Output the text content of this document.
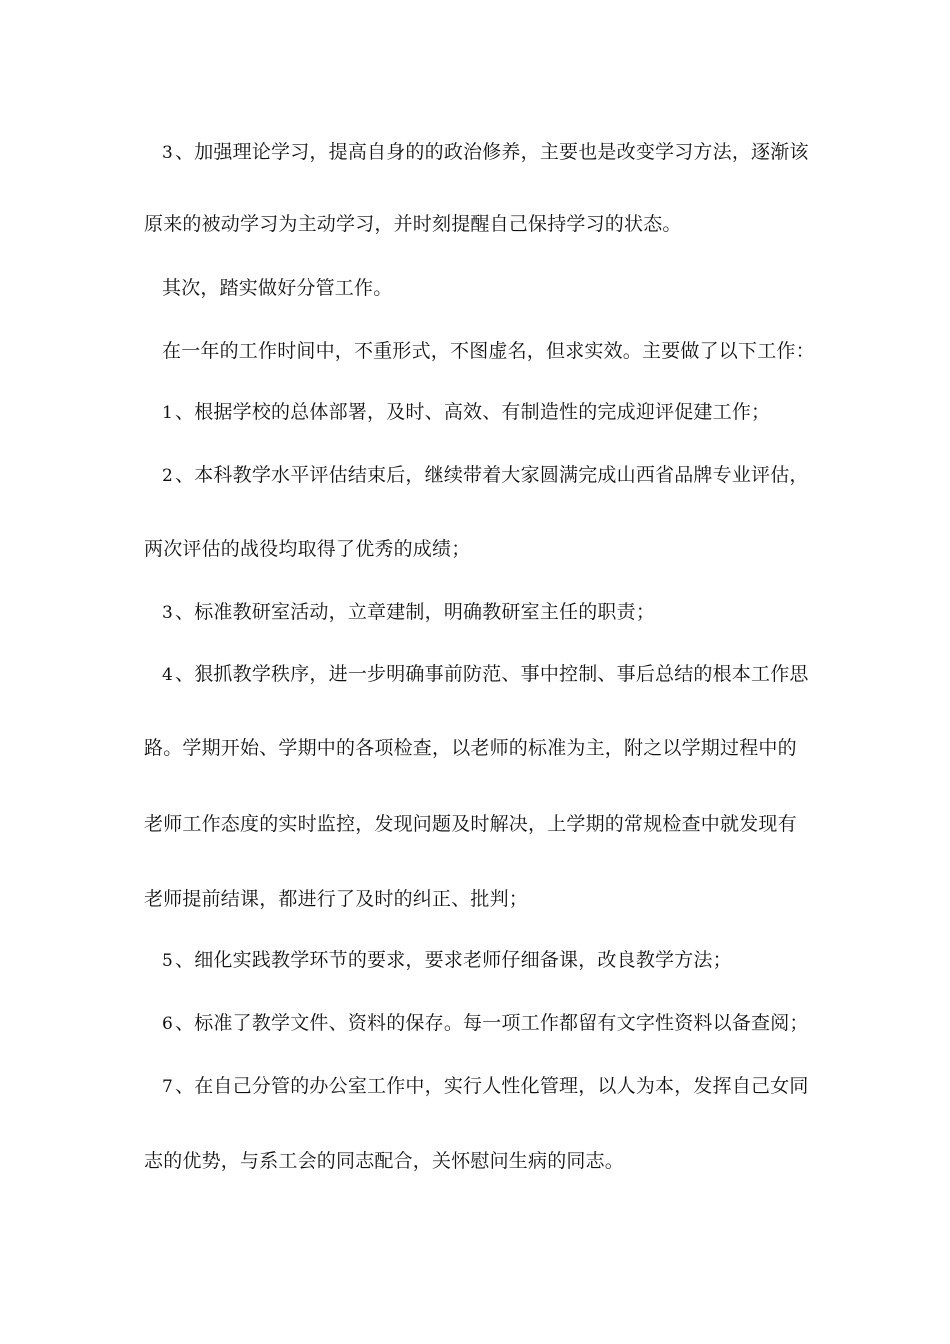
3 、加强理论学习，提高自身的的政治修养，主要也是改变学习方法，逐渐该
原来的被动学习为主动学习，并时刻提醒自己保持学习的状态。
其次，踏实做好分管工作。
在一年的工作时间中，不重形式，不图虚名，但求实效。主要做了以下工作：
1 、根据学校的总体部署，及时、高效、有制造性的完成迎评促建工作；
2 、本科教学水平评估结束后，继续带着大家圆满完成山西省品牌专业评估，
两次评估的战役均取得了优秀的成绩；
3 、标准教研室活动，立章建制，明确教研室主任的职责；
4 、狠抓教学秩序，进一步明确事前防范、事中控制、事后总结的根本工作思
路。学期开始、学期中的各项检查，以老师的标准为主，附之以学期过程中的
老师工作态度的实时监控，发现问题及时解决，上学期的常规检查中就发现有
老师提前结课，都进行了及时的纠正、批判；
5 、细化实践教学环节的要求，要求老师仔细备课，改良教学方法；
6 、标准了教学文件、资料的保存。每一项工作都留有文字性资料以备查阅；
7 、在自己分管的办公室工作中，实行人性化管理，以人为本，发挥自己女同
志的优势，与系工会的同志配合，关怀慰问生病的同志。
